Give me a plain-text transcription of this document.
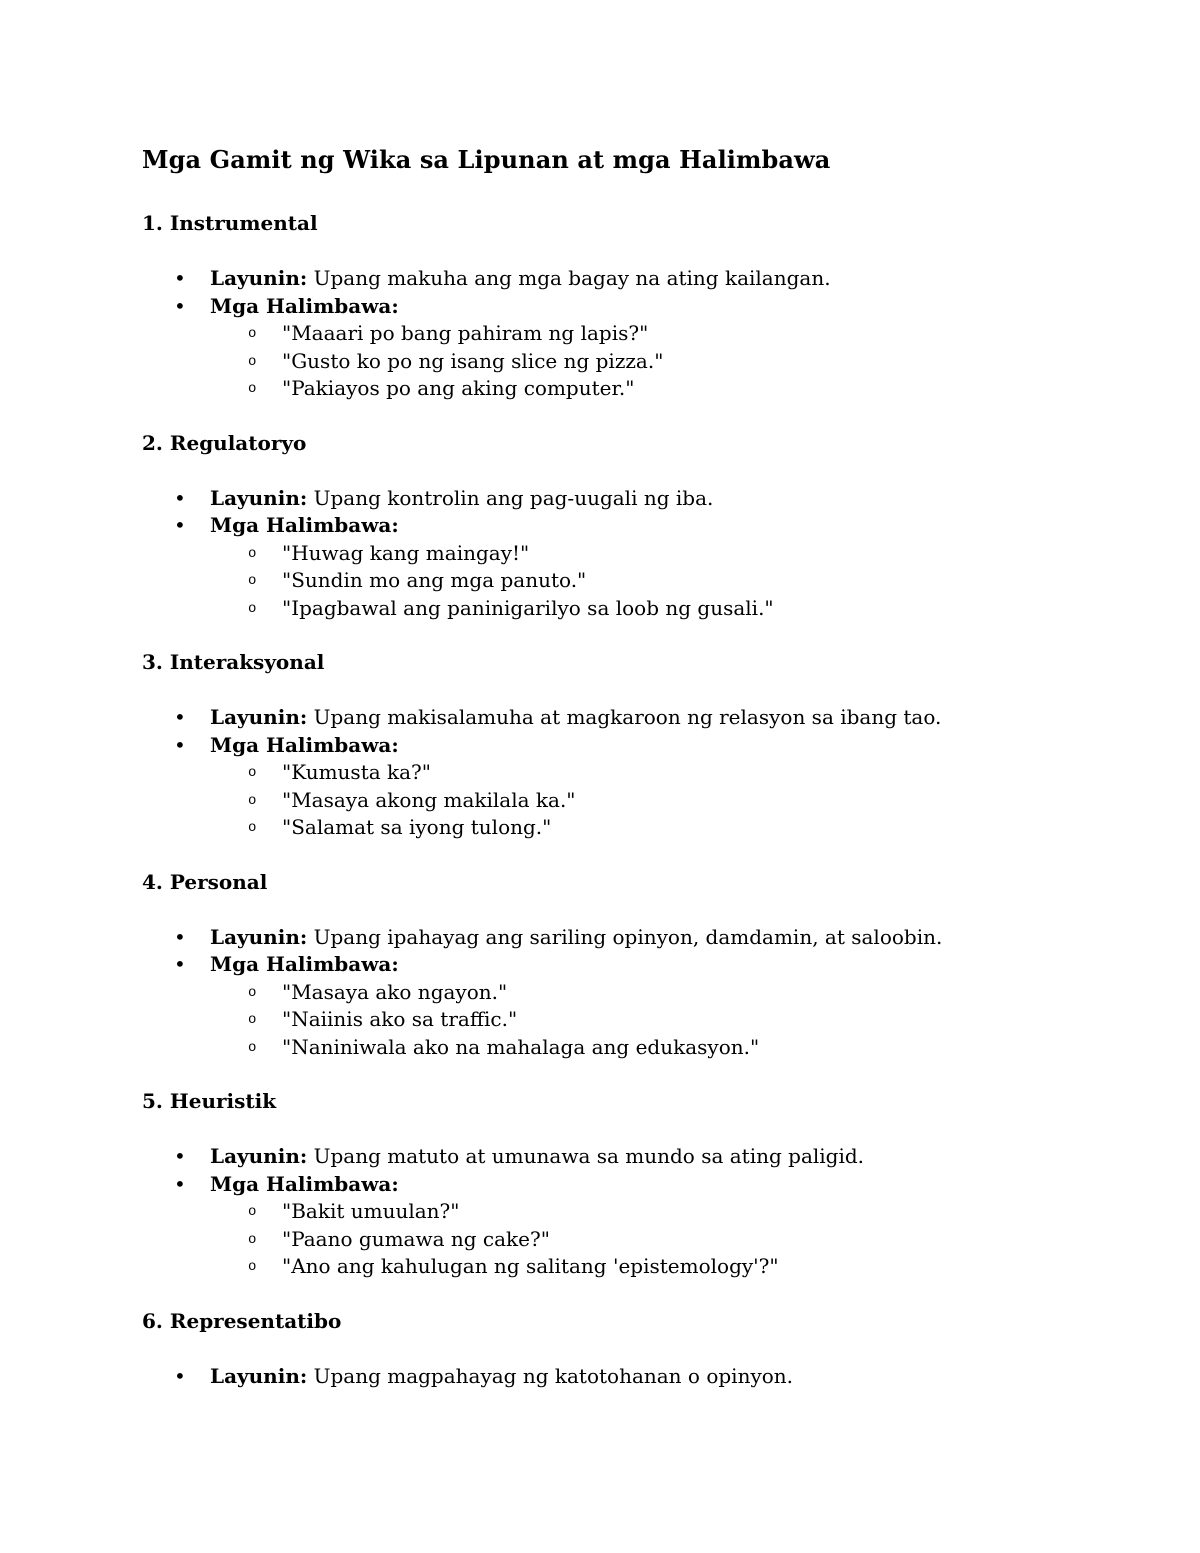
Mga Gamit ng Wika sa Lipunan at mga Halimbawa
1. Instrumental
• Layunin: Upang makuha ang mga bagay na ating kailangan.
• Mga Halimbawa:
o "Maaari po bang pahiram ng lapis?"
o "Gusto ko po ng isang slice ng pizza."
o "Pakiayos po ang aking computer."
2. Regulatoryo
• Layunin: Upang kontrolin ang pag-uugali ng iba.
• Mga Halimbawa:
o "Huwag kang maingay!"
o "Sundin mo ang mga panuto."
o "Ipagbawal ang paninigarilyo sa loob ng gusali."
3. Interaksyonal
• Layunin: Upang makisalamuha at magkaroon ng relasyon sa ibang tao.
• Mga Halimbawa:
o "Kumusta ka?"
o "Masaya akong makilala ka."
o "Salamat sa iyong tulong."
4. Personal
• Layunin: Upang ipahayag ang sariling opinyon, damdamin, at saloobin.
• Mga Halimbawa:
o "Masaya ako ngayon."
o "Naiinis ako sa traffic."
o "Naniniwala ako na mahalaga ang edukasyon."
5. Heuristik
• Layunin: Upang matuto at umunawa sa mundo sa ating paligid.
• Mga Halimbawa:
o "Bakit umuulan?"
o "Paano gumawa ng cake?"
o "Ano ang kahulugan ng salitang 'epistemology'?"
6. Representatibo
• Layunin: Upang magpahayag ng katotohanan o opinyon.
